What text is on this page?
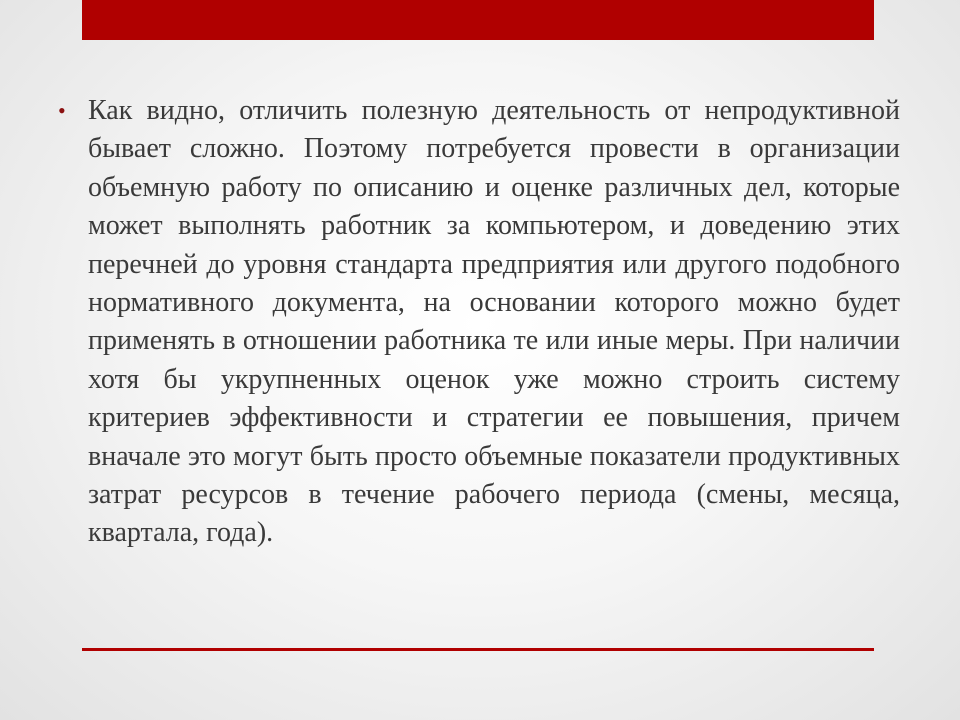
• Как видно, отличить полезную деятельность от непродуктивной бывает сложно. Поэтому потребуется провести в организации объемную работу по описанию и оценке различных дел, которые может выполнять работник за компьютером, и доведению этих перечней до уровня стандарта предприятия или другого подобного нормативного документа, на основании которого можно будет применять в отношении работника те или иные меры. При наличии хотя бы укрупненных оценок уже можно строить систему критериев эффективности и стратегии ее повышения, причем вначале это могут быть просто объемные показатели продуктивных затрат ресурсов в течение рабочего периода (смены, месяца, квартала, года).
